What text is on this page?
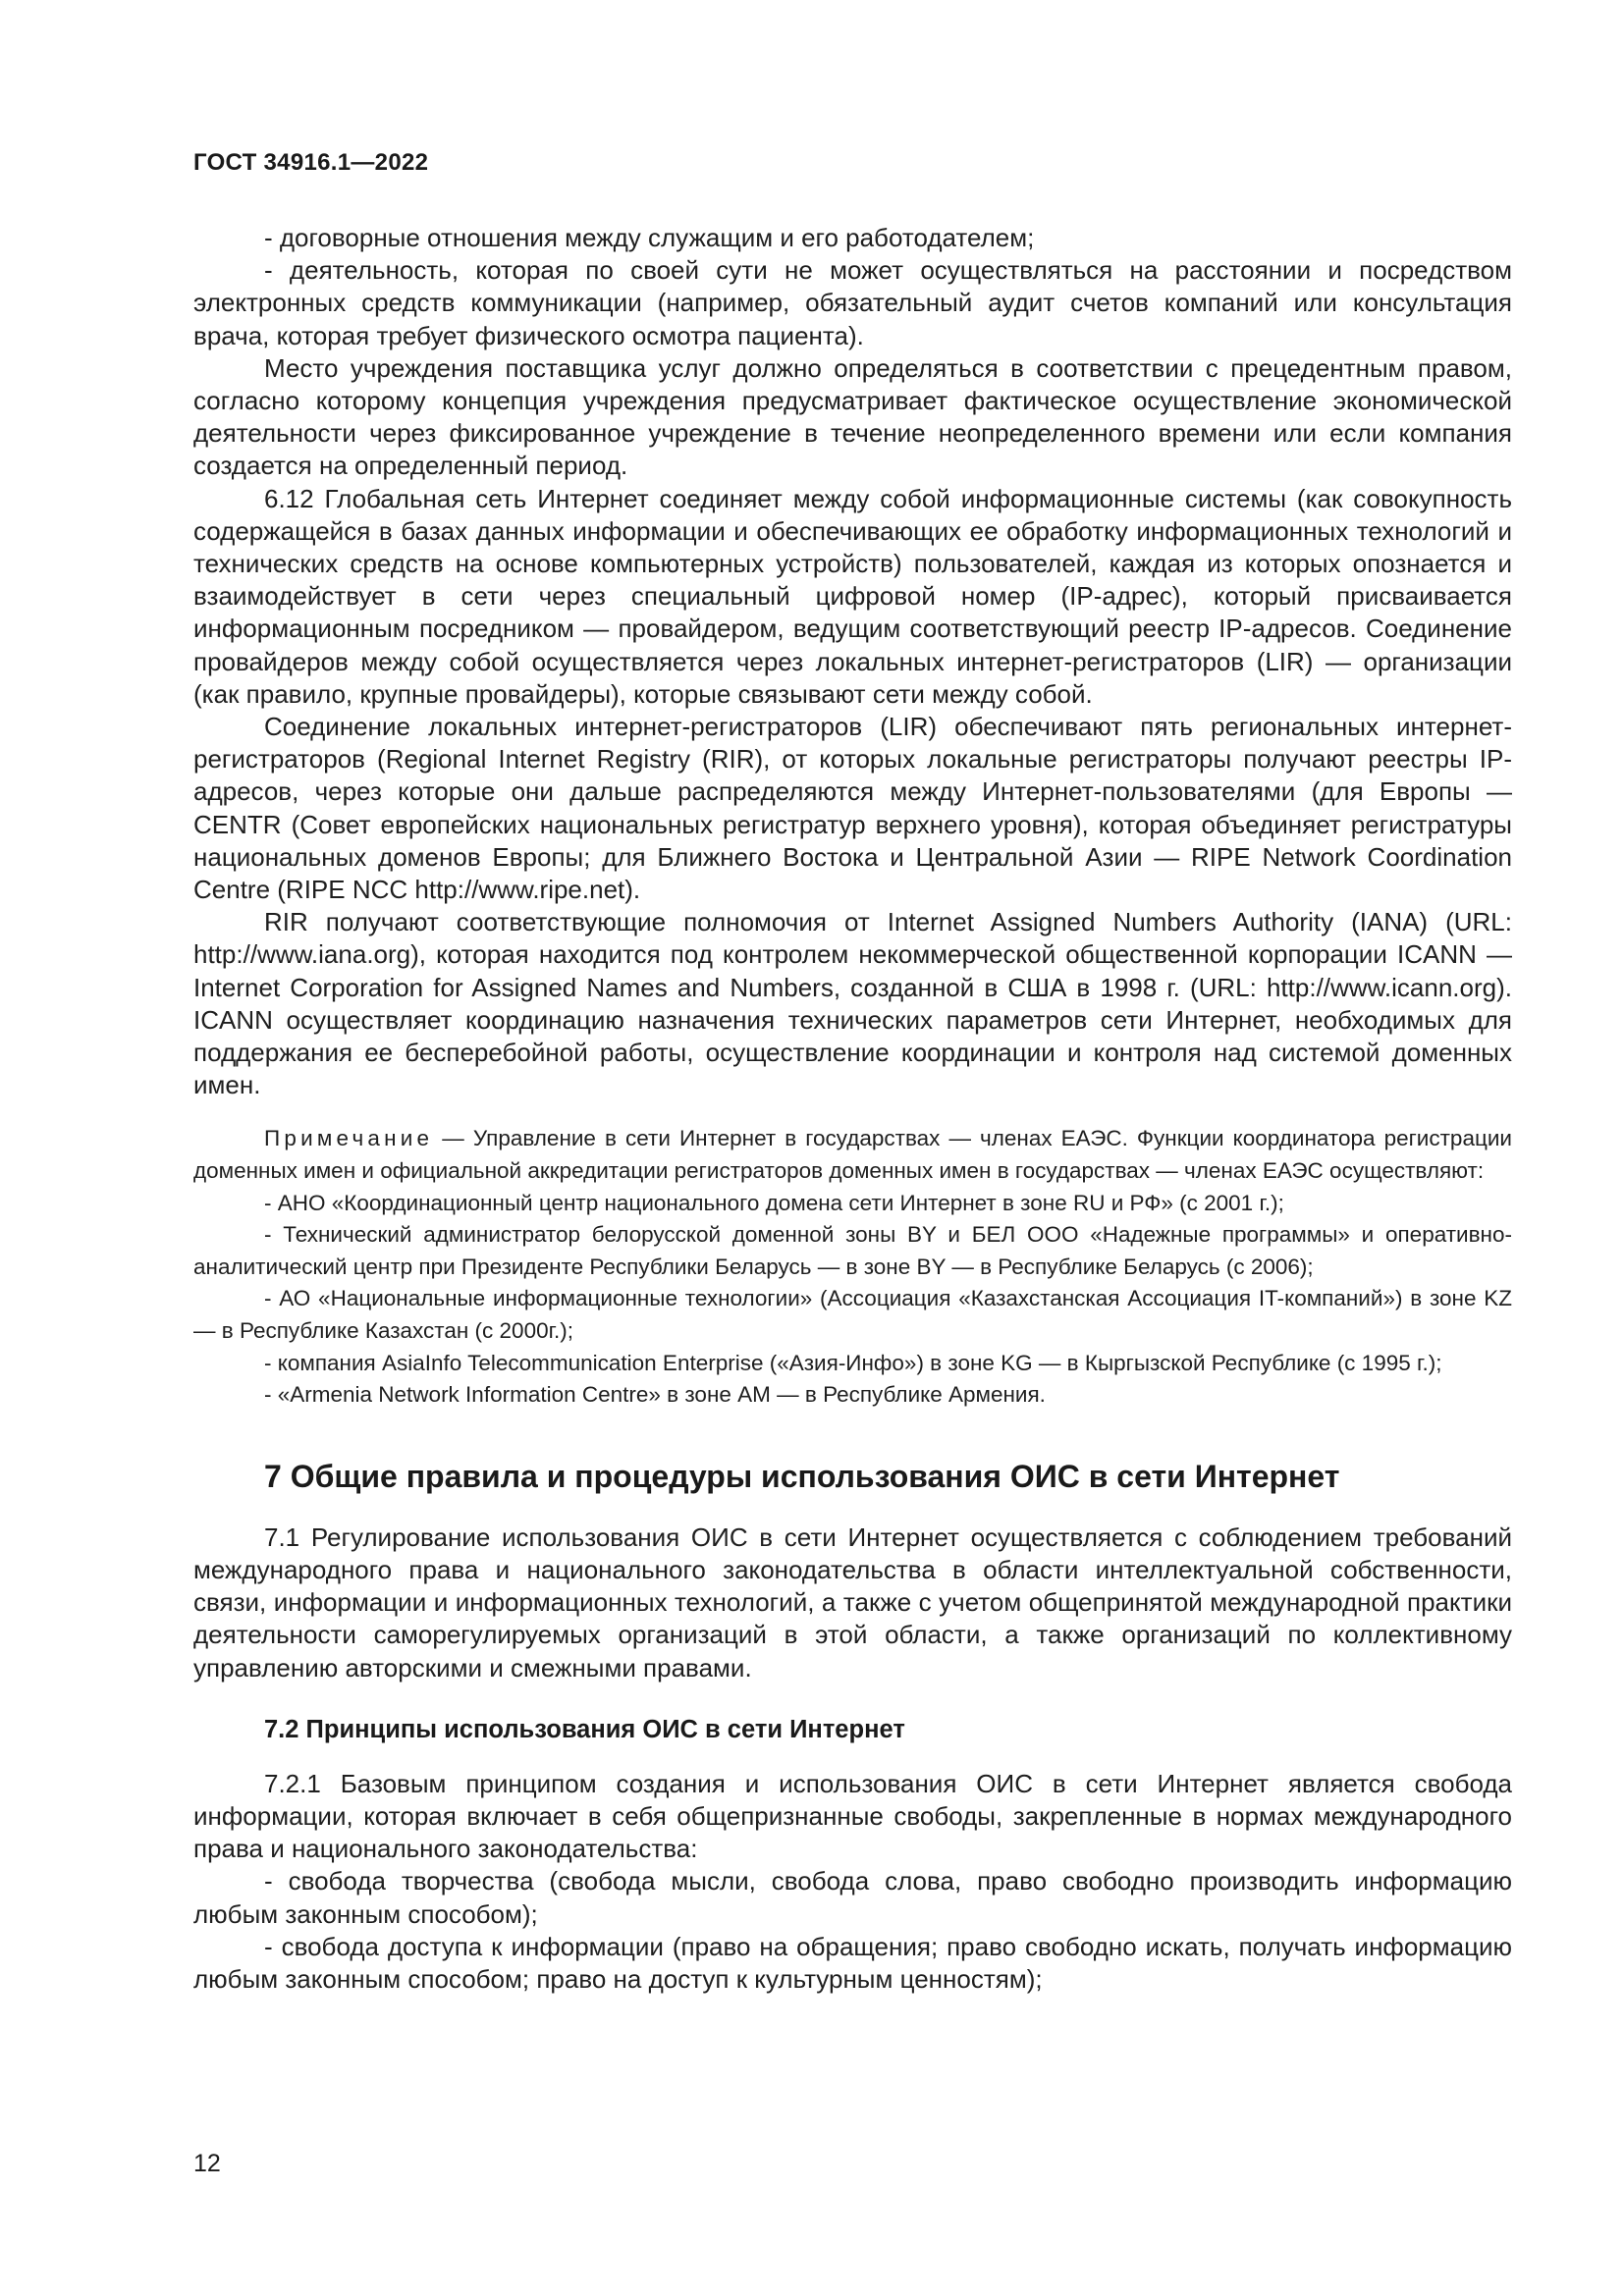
ГОСТ 34916.1—2022

- договорные отношения между служащим и его работодателем;

- деятельность, которая по своей сути не может осуществляться на расстоянии и посредством электронных средств коммуникации (например, обязательный аудит счетов компаний или консультация врача, которая требует физического осмотра пациента).

Место учреждения поставщика услуг должно определяться в соответствии с прецедентным правом, согласно которому концепция учреждения предусматривает фактическое осуществление экономической деятельности через фиксированное учреждение в течение неопределенного времени или если компания создается на определенный период.

6.12 Глобальная сеть Интернет соединяет между собой информационные системы (как совокупность содержащейся в базах данных информации и обеспечивающих ее обработку информационных технологий и технических средств на основе компьютерных устройств) пользователей, каждая из которых опознается и взаимодействует в сети через специальный цифровой номер (IP-адрес), который присваивается информационным посредником — провайдером, ведущим соответствующий реестр IP-адресов. Соединение провайдеров между собой осуществляется через локальных интернет-регистраторов (LIR) — организации (как правило, крупные провайдеры), которые связывают сети между собой.

Соединение локальных интернет-регистраторов (LIR) обеспечивают пять региональных интернет-регистраторов (Regional Internet Registry (RIR), от которых локальные регистраторы получают реестры IP-адресов, через которые они дальше распределяются между Интернет-пользователями (для Европы — CENTR (Совет европейских национальных регистратур верхнего уровня), которая объединяет регистратуры национальных доменов Европы; для Ближнего Востока и Центральной Азии — RIPE Network Coordination Centre (RIPE NCC http://www.ripe.net).

RIR получают соответствующие полномочия от Internet Assigned Numbers Authority (IANA) (URL: http://www.iana.org), которая находится под контролем некоммерческой общественной корпорации ICANN — Internet Corporation for Assigned Names and Numbers, созданной в США в 1998 г. (URL: http://www.icann.org). ICANN осуществляет координацию назначения технических параметров сети Интернет, необходимых для поддержания ее бесперебойной работы, осуществление координации и контроля над системой доменных имен.

Примечание — Управление в сети Интернет в государствах — членах ЕАЭС. Функции координатора регистрации доменных имен и официальной аккредитации регистраторов доменных имен в государствах — членах ЕАЭС осуществляют:

- АНО «Координационный центр национального домена сети Интернет в зоне RU и РФ» (с 2001 г.);

- Технический администратор белорусской доменной зоны BY и БЕЛ ООО «Надежные программы» и оперативно-аналитический центр при Президенте Республики Беларусь — в зоне BY — в Республике Беларусь (с 2006);

- АО «Национальные информационные технологии» (Ассоциация «Казахстанская Ассоциация IT-компаний») в зоне KZ — в Республике Казахстан (с 2000г.);

- компания AsiaInfo Telecommunication Enterprise («Азия-Инфо») в зоне KG — в Кыргызской Республике (с 1995 г.);

- «Armenia Network Information Centre» в зоне AM — в Республике Армения.

7 Общие правила и процедуры использования ОИС в сети Интернет

7.1 Регулирование использования ОИС в сети Интернет осуществляется с соблюдением требований международного права и национального законодательства в области интеллектуальной собственности, связи, информации и информационных технологий, а также с учетом общепринятой международной практики деятельности саморегулируемых организаций в этой области, а также организаций по коллективному управлению авторскими и смежными правами.

7.2 Принципы использования ОИС в сети Интернет

7.2.1 Базовым принципом создания и использования ОИС в сети Интернет является свобода информации, которая включает в себя общепризнанные свободы, закрепленные в нормах международного права и национального законодательства:

- свобода творчества (свобода мысли, свобода слова, право свободно производить информацию любым законным способом);

- свобода доступа к информации (право на обращения; право свободно искать, получать информацию любым законным способом; право на доступ к культурным ценностям);

12
